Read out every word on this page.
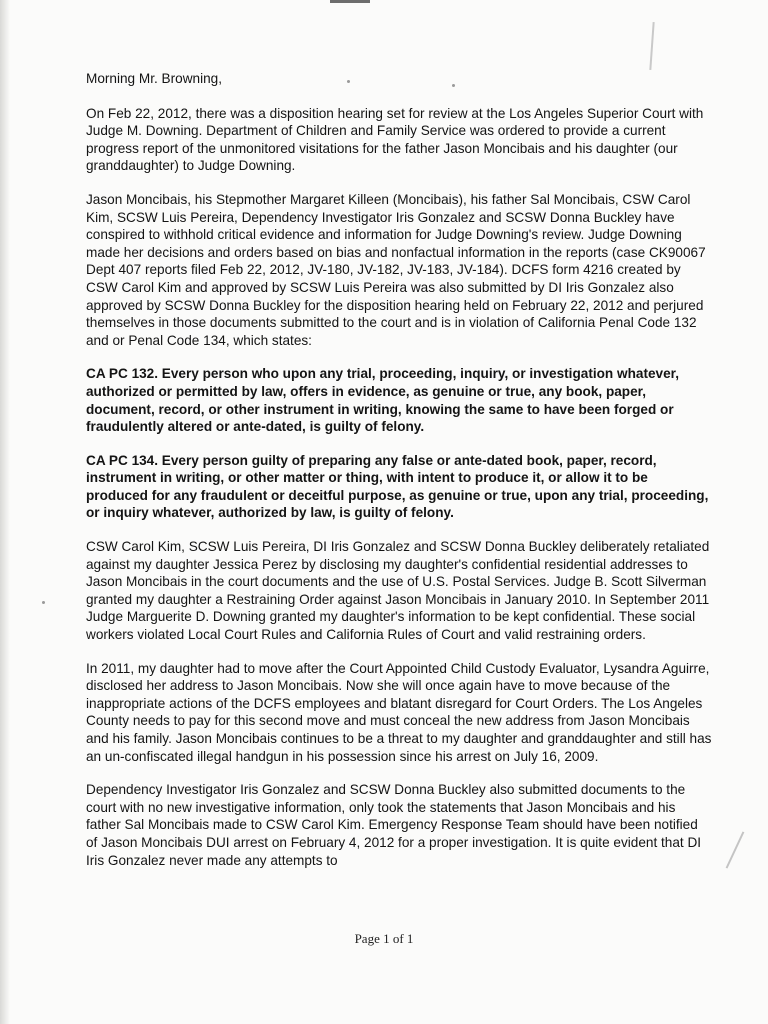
Morning Mr. Browning,

On Feb 22, 2012, there was a disposition hearing set for review at the Los Angeles Superior Court with Judge M. Downing. Department of Children and Family Service was ordered to provide a current progress report of the unmonitored visitations for the father Jason Moncibais and his daughter (our granddaughter) to Judge Downing.

Jason Moncibais, his Stepmother Margaret Killeen (Moncibais), his father Sal Moncibais, CSW Carol Kim, SCSW Luis Pereira, Dependency Investigator Iris Gonzalez and SCSW Donna Buckley have conspired to withhold critical evidence and information for Judge Downing's review. Judge Downing made her decisions and orders based on bias and nonfactual information in the reports (case CK90067 Dept 407 reports filed Feb 22, 2012, JV-180, JV-182, JV-183, JV-184). DCFS form 4216 created by CSW Carol Kim and approved by SCSW Luis Pereira was also submitted by DI Iris Gonzalez also approved by SCSW Donna Buckley for the disposition hearing held on February 22, 2012 and perjured themselves in those documents submitted to the court and is in violation of California Penal Code 132 and or Penal Code 134, which states:

CA PC 132. Every person who upon any trial, proceeding, inquiry, or investigation whatever, authorized or permitted by law, offers in evidence, as genuine or true, any book, paper, document, record, or other instrument in writing, knowing the same to have been forged or fraudulently altered or ante-dated, is guilty of felony.

CA PC 134. Every person guilty of preparing any false or ante-dated book, paper, record, instrument in writing, or other matter or thing, with intent to produce it, or allow it to be produced for any fraudulent or deceitful purpose, as genuine or true, upon any trial, proceeding, or inquiry whatever, authorized by law, is guilty of felony.

CSW Carol Kim, SCSW Luis Pereira, DI Iris Gonzalez and SCSW Donna Buckley deliberately retaliated against my daughter Jessica Perez by disclosing my daughter's confidential residential addresses to Jason Moncibais in the court documents and the use of U.S. Postal Services. Judge B. Scott Silverman granted my daughter a Restraining Order against Jason Moncibais in January 2010. In September 2011 Judge Marguerite D. Downing granted my daughter's information to be kept confidential. These social workers violated Local Court Rules and California Rules of Court and valid restraining orders.

In 2011, my daughter had to move after the Court Appointed Child Custody Evaluator, Lysandra Aguirre, disclosed her address to Jason Moncibais. Now she will once again have to move because of the inappropriate actions of the DCFS employees and blatant disregard for Court Orders. The Los Angeles County needs to pay for this second move and must conceal the new address from Jason Moncibais and his family. Jason Moncibais continues to be a threat to my daughter and granddaughter and still has an un-confiscated illegal handgun in his possession since his arrest on July 16, 2009.

Dependency Investigator Iris Gonzalez and SCSW Donna Buckley also submitted documents to the court with no new investigative information, only took the statements that Jason Moncibais and his father Sal Moncibais made to CSW Carol Kim. Emergency Response Team should have been notified of Jason Moncibais DUI arrest on February 4, 2012 for a proper investigation. It is quite evident that DI Iris Gonzalez never made any attempts to

Page 1 of 1
